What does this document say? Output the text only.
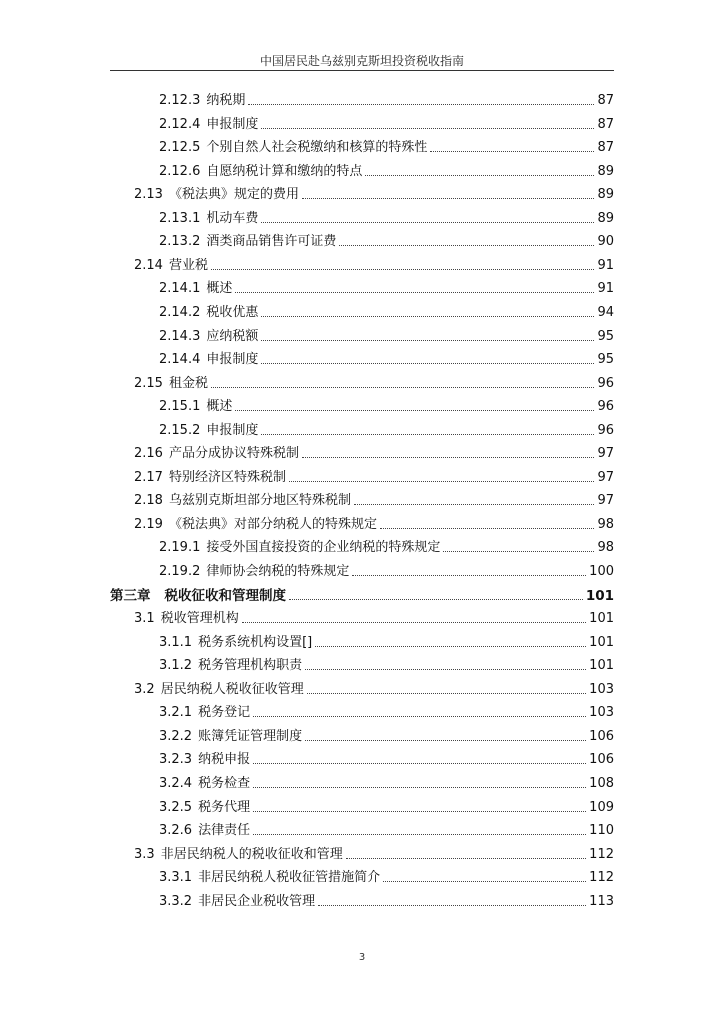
中国居民赴乌兹别克斯坦投资税收指南
2.12.3 纳税期	87
2.12.4 申报制度	87
2.12.5 个别自然人社会税缴纳和核算的特殊性	87
2.12.6 自愿纳税计算和缴纳的特点	89
2.13 《税法典》规定的费用	89
2.13.1 机动车费	89
2.13.2 酒类商品销售许可证费	90
2.14 营业税	91
2.14.1 概述	91
2.14.2 税收优惠	94
2.14.3 应纳税额	95
2.14.4 申报制度	95
2.15 租金税	96
2.15.1 概述	96
2.15.2 申报制度	96
2.16 产品分成协议特殊税制	97
2.17 特别经济区特殊税制	97
2.18 乌兹别克斯坦部分地区特殊税制	97
2.19 《税法典》对部分纳税人的特殊规定	98
2.19.1 接受外国直接投资的企业纳税的特殊规定	98
2.19.2 律师协会纳税的特殊规定	100
第三章 税收征收和管理制度	101
3.1 税收管理机构	101
3.1.1 税务系统机构设置[]	101
3.1.2 税务管理机构职责	101
3.2 居民纳税人税收征收管理	103
3.2.1 税务登记	103
3.2.2 账簿凭证管理制度	106
3.2.3 纳税申报	106
3.2.4 税务检查	108
3.2.5 税务代理	109
3.2.6 法律责任	110
3.3 非居民纳税人的税收征收和管理	112
3.3.1 非居民纳税人税收征管措施简介	112
3.3.2 非居民企业税收管理	113
3
